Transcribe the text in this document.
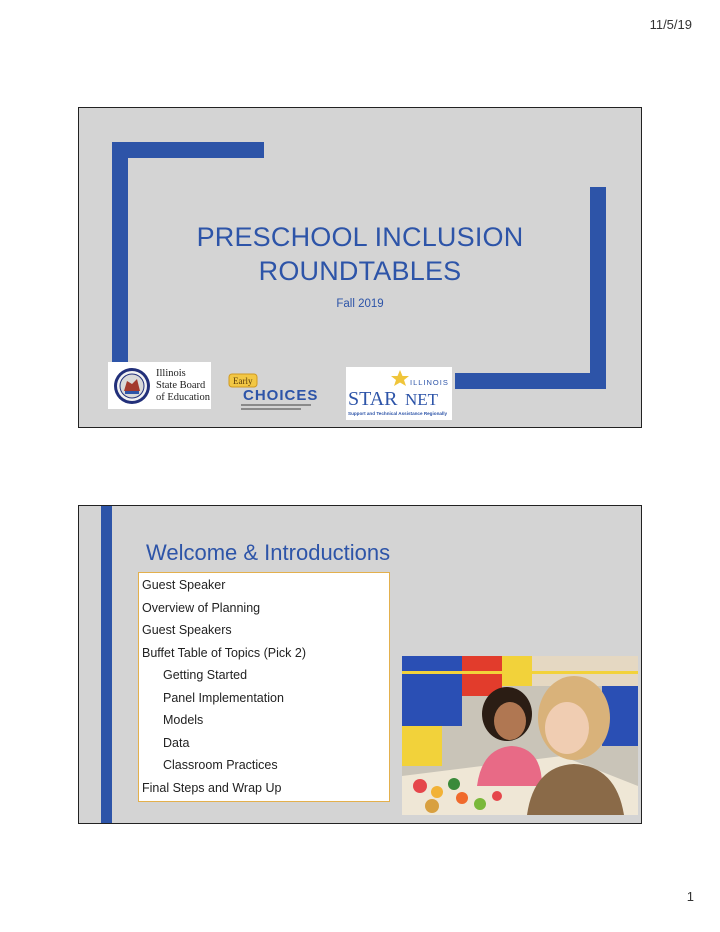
11/5/19
PRESCHOOL INCLUSION
ROUNDTABLES
Fall 2019
Illinois
State Board
of Education
Early
CHOICES
ILLINOIS
STAR NET
Support and Technical Assistance Regionally
Welcome & Introductions
Guest Speaker
Overview of Planning
Guest Speakers
Buffet Table of Topics (Pick 2)
Getting Started
Panel Implementation
Models
Data
Classroom Practices
Final Steps and Wrap Up
1
